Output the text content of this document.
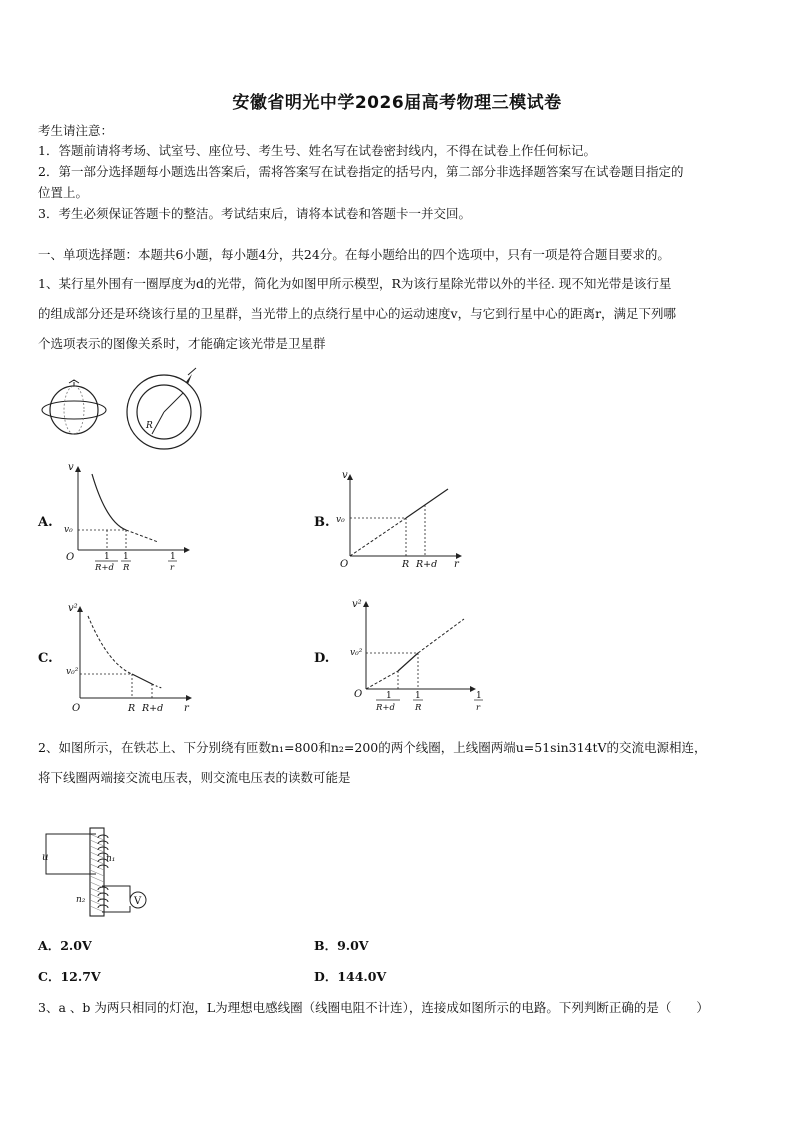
安徽省明光中学2026届高考物理三模试卷
考生请注意：
1．答题前请将考场、试室号、座位号、考生号、姓名写在试卷密封线内，不得在试卷上作任何标记。
2．第一部分选择题每小题选出答案后，需将答案写在试卷指定的括号内，第二部分非选择题答案写在试卷题目指定的
位置上。
3．考生必须保证答题卡的整洁。考试结束后，请将本试卷和答题卡一并交回。
一、单项选择题：本题共6小题，每小题4分，共24分。在每小题给出的四个选项中，只有一项是符合题目要求的。
1、某行星外围有一圈厚度为d的光带，简化为如图甲所示模型，R为该行星除光带以外的半径. 现不知光带是该行星
的组成部分还是环绕该行星的卫星群，当光带上的点绕行星中心的运动速度v，与它到行星中心的距离r，满足下列哪
个选项表示的图像关系时，才能确定该光带是卫星群
R
A.
v
v₀
O	1
R+d
1
R
1
r
B.
v
v₀
O	R R+d r
C.
v²
v₀²
O	R R+d r
D.
v²
v₀²
O	1
R+d
1
R
1
r
2、如图所示，在铁芯上、下分别绕有匝数n₁=800和n₂=200的两个线圈，上线圈两端u=51sin314tV的交流电源相连，
将下线圈两端接交流电压表，则交流电压表的读数可能是
u	n₁
n₂	V
A．2.0V	B．9.0V
C．12.7V	D．144.0V
3、a 、b 为两只相同的灯泡，L为理想电感线圈（线圈电阻不计连），连接成如图所示的电路。下列判断正确的是（　　）
